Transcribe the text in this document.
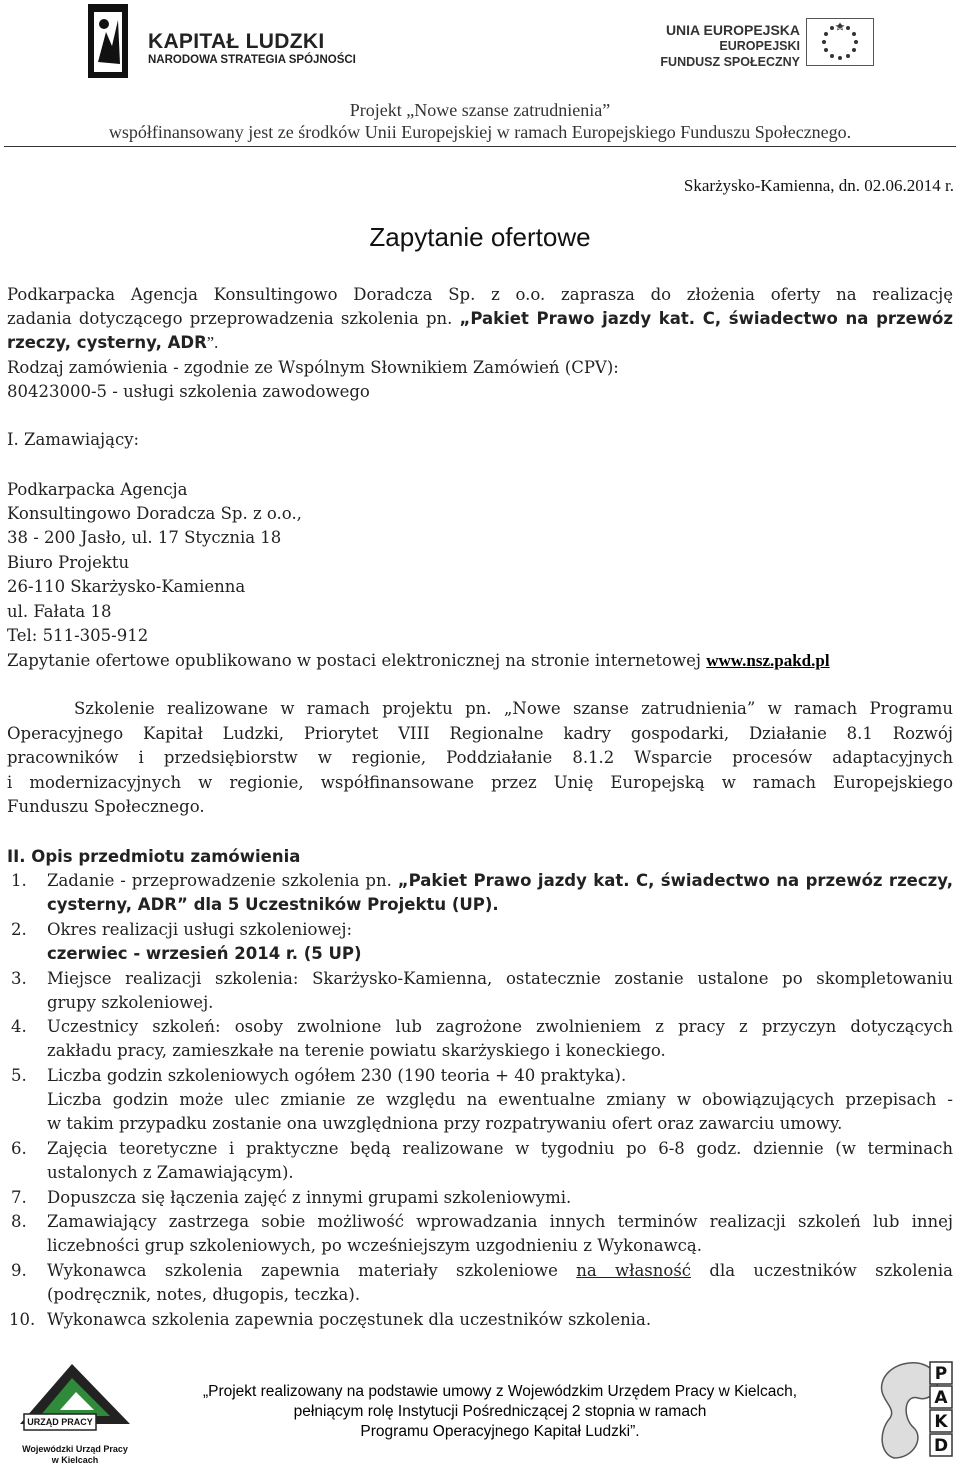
KAPITAŁ LUDZKI
NARODOWA STRATEGIA SPÓJNOŚCI
UNIA EUROPEJSKA
EUROPEJSKI
FUNDUSZ SPOŁECZNY
Projekt „Nowe szanse zatrudnienia”
współfinansowany jest ze środków Unii Europejskiej w ramach Europejskiego Funduszu Społecznego.
Skarżysko-Kamienna, dn. 02.06.2014 r.
Zapytanie ofertowe
Podkarpacka Agencja Konsultingowo Doradcza Sp. z o.o. zaprasza do złożenia oferty na realizację
zadania dotyczącego przeprowadzenia szkolenia pn. „Pakiet Prawo jazdy kat. C, świadectwo na przewóz
rzeczy, cysterny, ADR”.
Rodzaj zamówienia - zgodnie ze Wspólnym Słownikiem Zamówień (CPV):
80423000-5 - usługi szkolenia zawodowego
I. Zamawiający:
Podkarpacka Agencja
Konsultingowo Doradcza Sp. z o.o.,
38 - 200 Jasło, ul. 17 Stycznia 18
Biuro Projektu
26-110 Skarżysko-Kamienna
ul. Fałata 18
Tel: 511-305-912
Zapytanie ofertowe opublikowano w postaci elektronicznej na stronie internetowej www.nsz.pakd.pl
Szkolenie realizowane w ramach projektu pn. „Nowe szanse zatrudnienia” w ramach Programu
Operacyjnego Kapitał Ludzki, Priorytet VIII Regionalne kadry gospodarki, Działanie 8.1 Rozwój
pracowników i przedsiębiorstw w regionie, Poddziałanie 8.1.2 Wsparcie procesów adaptacyjnych
i modernizacyjnych w regionie, współfinansowane przez Unię Europejską w ramach Europejskiego
Funduszu Społecznego.
II. Opis przedmiotu zamówienia
1. Zadanie - przeprowadzenie szkolenia pn. „Pakiet Prawo jazdy kat. C, świadectwo na przewóz rzeczy,
cysterny, ADR” dla 5 Uczestników Projektu (UP).
2. Okres realizacji usługi szkoleniowej:
czerwiec - wrzesień 2014 r. (5 UP)
3. Miejsce realizacji szkolenia: Skarżysko-Kamienna, ostatecznie zostanie ustalone po skompletowaniu
grupy szkoleniowej.
4. Uczestnicy szkoleń: osoby zwolnione lub zagrożone zwolnieniem z pracy z przyczyn dotyczących
zakładu pracy, zamieszkałe na terenie powiatu skarżyskiego i koneckiego.
5. Liczba godzin szkoleniowych ogółem 230 (190 teoria + 40 praktyka).
Liczba godzin może ulec zmianie ze względu na ewentualne zmiany w obowiązujących przepisach -
w takim przypadku zostanie ona uwzględniona przy rozpatrywaniu ofert oraz zawarciu umowy.
6. Zajęcia teoretyczne i praktyczne będą realizowane w tygodniu po 6-8 godz. dziennie (w terminach
ustalonych z Zamawiającym).
7. Dopuszcza się łączenia zajęć z innymi grupami szkoleniowymi.
8. Zamawiający zastrzega sobie możliwość wprowadzania innych terminów realizacji szkoleń lub innej
liczebności grup szkoleniowych, po wcześniejszym uzgodnieniu z Wykonawcą.
9. Wykonawca szkolenia zapewnia materiały szkoleniowe na własność dla uczestników szkolenia
(podręcznik, notes, długopis, teczka).
10. Wykonawca szkolenia zapewnia poczęstunek dla uczestników szkolenia.
URZĄD PRACY
Wojewódzki Urząd Pracy
w Kielcach
„Projekt realizowany na podstawie umowy z Wojewódzkim Urzędem Pracy w Kielcach,
pełniącym rolę Instytucji Pośredniczącej 2 stopnia w ramach
Programu Operacyjnego Kapitał Ludzki”.
P
A
K
D
